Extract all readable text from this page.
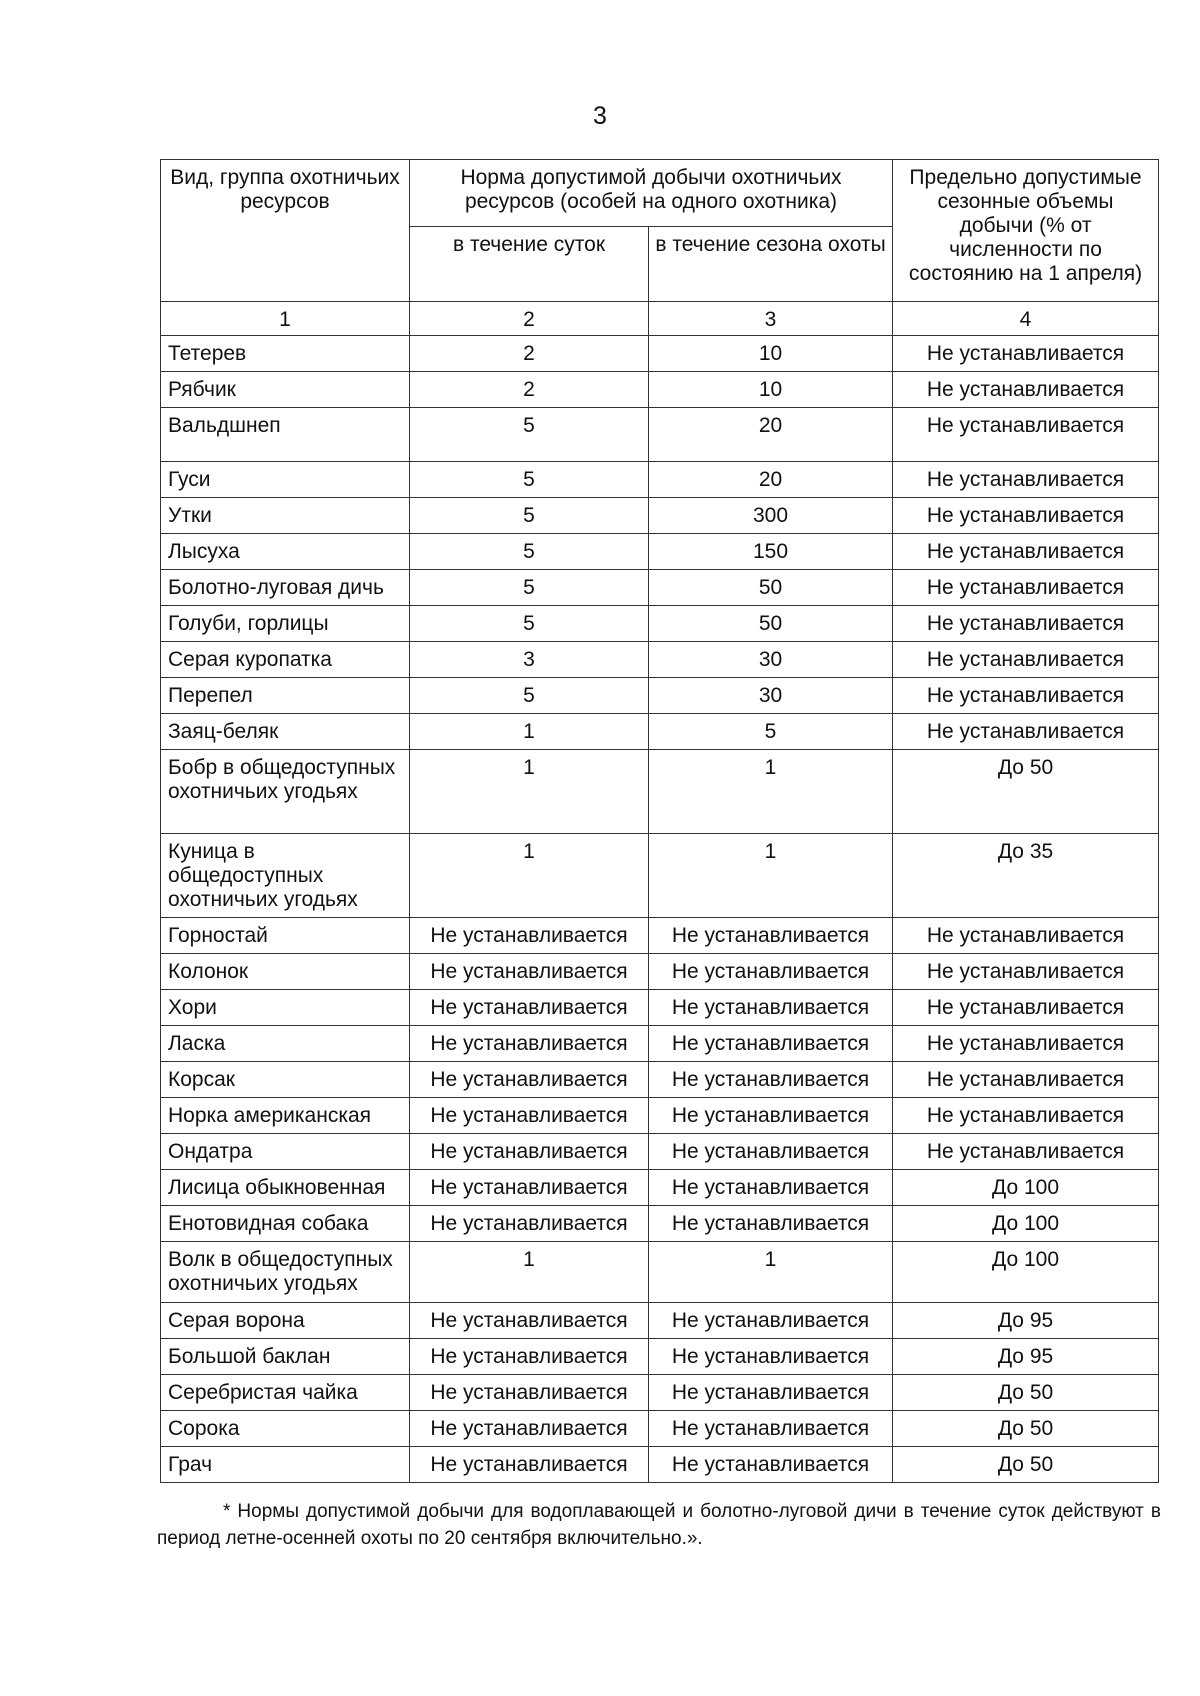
3
Вид, группа охотничьих ресурсов	Норма допустимой добычи охотничьих ресурсов (особей на одного охотника)		Предельно допустимые сезонные объемы добычи (% от численности по состоянию на 1 апреля)
	в течение суток	в течение сезона охоты	
1	2	3	4
Тетерев	2	10	Не устанавливается
Рябчик	2	10	Не устанавливается
Вальдшнеп	5	20	Не устанавливается
Гуси	5	20	Не устанавливается
Утки	5	300	Не устанавливается
Лысуха	5	150	Не устанавливается
Болотно-луговая дичь	5	50	Не устанавливается
Голуби, горлицы	5	50	Не устанавливается
Серая куропатка	3	30	Не устанавливается
Перепел	5	30	Не устанавливается
Заяц-беляк	1	5	Не устанавливается
Бобр в общедоступных охотничьих угодьях	1	1	До 50
Куница в общедоступных охотничьих угодьях	1	1	До 35
Горностай	Не устанавливается	Не устанавливается	Не устанавливается
Колонок	Не устанавливается	Не устанавливается	Не устанавливается
Хори	Не устанавливается	Не устанавливается	Не устанавливается
Ласка	Не устанавливается	Не устанавливается	Не устанавливается
Корсак	Не устанавливается	Не устанавливается	Не устанавливается
Норка американская	Не устанавливается	Не устанавливается	Не устанавливается
Ондатра	Не устанавливается	Не устанавливается	Не устанавливается
Лисица обыкновенная	Не устанавливается	Не устанавливается	До 100
Енотовидная собака	Не устанавливается	Не устанавливается	До 100
Волк в общедоступных охотничьих угодьях	1	1	До 100
Серая ворона	Не устанавливается	Не устанавливается	До 95
Большой баклан	Не устанавливается	Не устанавливается	До 95
Серебристая чайка	Не устанавливается	Не устанавливается	До 50
Сорока	Не устанавливается	Не устанавливается	До 50
Грач	Не устанавливается	Не устанавливается	До 50

* Нормы допустимой добычи для водоплавающей и болотно-луговой дичи в течение суток действуют в период летне-осенней охоты по 20 сентября включительно.».
